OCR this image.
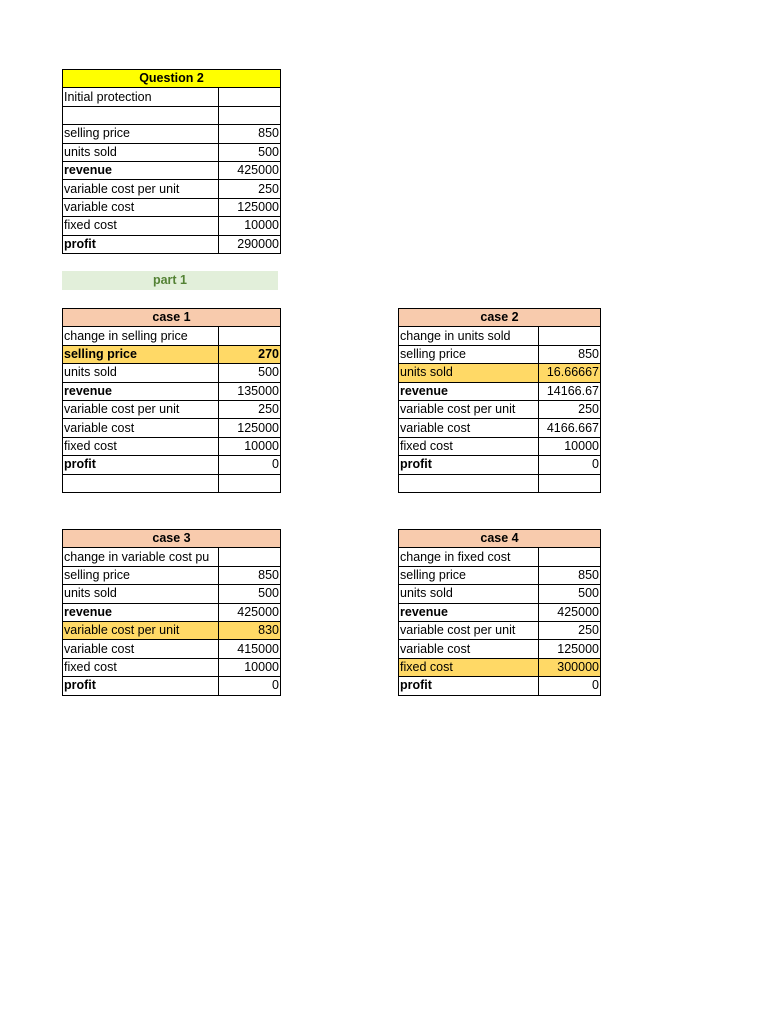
Question 2	
Initial protection	

selling price	850
units sold	500
revenue	425000
variable cost per unit	250
variable cost	125000
fixed cost	10000
profit	290000
part 1
case 1	
change in selling price	
selling price	270
units sold	500
revenue	135000
variable cost per unit	250
variable cost	125000
fixed cost	10000
profit	0

case 2	
change in units sold	
selling price	850
units sold	16.66667
revenue	14166.67
variable cost per unit	250
variable cost	4166.667
fixed cost	10000
profit	0

case 3	
change in variable cost pu	
selling price	850
units sold	500
revenue	425000
variable cost per unit	830
variable cost	415000
fixed cost	10000
profit	0
case 4	
change in fixed cost	
selling price	850
units sold	500
revenue	425000
variable cost per unit	250
variable cost	125000
fixed cost	300000
profit	0
